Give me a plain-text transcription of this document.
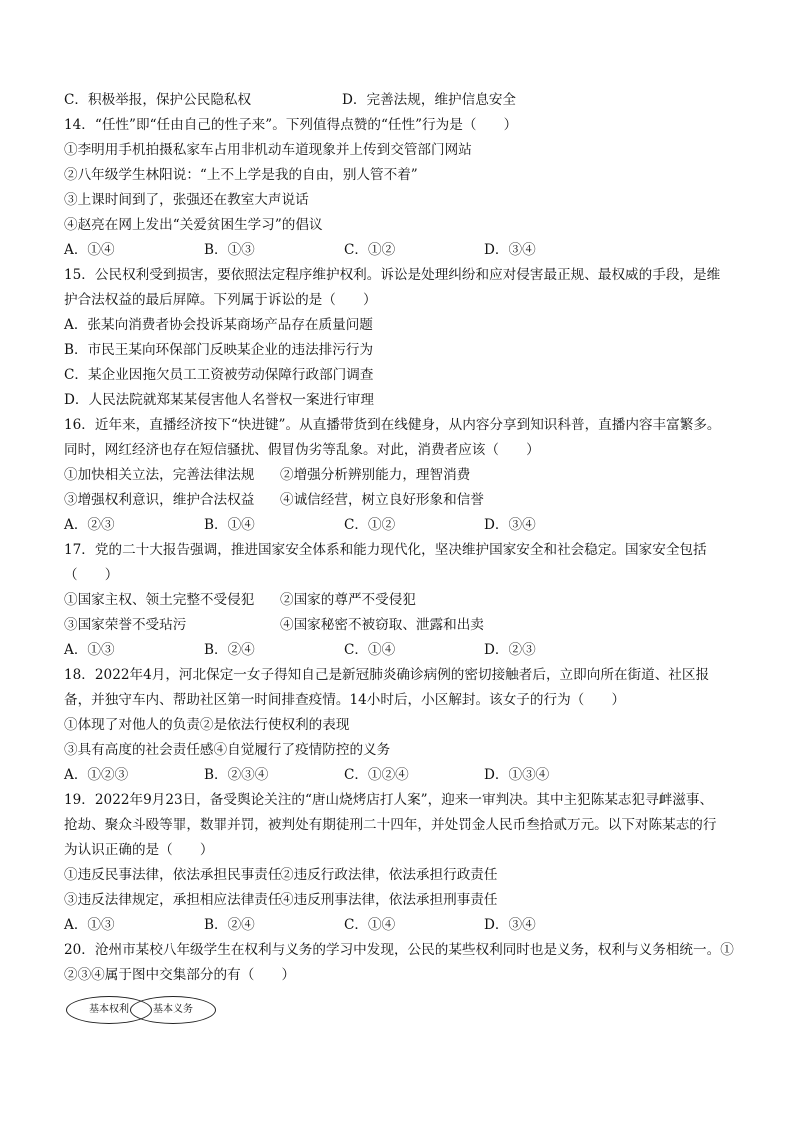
C．积极举报，保护公民隐私权	D．完善法规，维护信息安全
14．“任性”即“任由自己的性子来”。下列值得点赞的“任性”行为是（　　）
①李明用手机拍摄私家车占用非机动车道现象并上传到交管部门网站
②八年级学生林阳说：“上不上学是我的自由，别人管不着”
③上课时间到了，张强还在教室大声说话
④赵亮在网上发出“关爱贫困生学习”的倡议
A．①④	B．①③	C．①②	D．③④
15．公民权利受到损害，要依照法定程序维护权利。诉讼是处理纠纷和应对侵害最正规、最权威的手段，是维
护合法权益的最后屏障。下列属于诉讼的是（　　）
A．张某向消费者协会投诉某商场产品存在质量问题
B．市民王某向环保部门反映某企业的违法排污行为
C．某企业因拖欠员工工资被劳动保障行政部门调查
D．人民法院就郑某某侵害他人名誉权一案进行审理
16．近年来，直播经济按下“快进键”。从直播带货到在线健身，从内容分享到知识科普，直播内容丰富繁多。
同时，网红经济也存在短信骚扰、假冒伪劣等乱象。对此，消费者应该（　　）
①加快相关立法，完善法律法规 ②增强分析辨别能力，理智消费
③增强权利意识，维护合法权益 ④诚信经营，树立良好形象和信誉
A．②③	B．①④	C．①②	D．③④
17．党的二十大报告强调，推进国家安全体系和能力现代化，坚决维护国家安全和社会稳定。国家安全包括
（　　）
①国家主权、领土完整不受侵犯 ②国家的尊严不受侵犯
③国家荣誉不受玷污	④国家秘密不被窃取、泄露和出卖
A．①③	B．②④	C．①④	D．②③
18．2022年4月，河北保定一女子得知自己是新冠肺炎确诊病例的密切接触者后，立即向所在街道、社区报
备，并独守车内、帮助社区第一时间排查疫情。14小时后，小区解封。该女子的行为（　　）
①体现了对他人的负责②是依法行使权利的表现
③具有高度的社会责任感④自觉履行了疫情防控的义务
A．①②③	B．②③④	C．①②④	D．①③④
19．2022年9月23日，备受舆论关注的“唐山烧烤店打人案”，迎来一审判决。其中主犯陈某志犯寻衅滋事、
抢劫、聚众斗殴等罪，数罪并罚，被判处有期徒刑二十四年，并处罚金人民币叁拾贰万元。以下对陈某志的行
为认识正确的是（　　）
①违反民事法律，依法承担民事责任
②违反行政法律，依法承担行政责任
③违反法律规定，承担相应法律责任
④违反刑事法律，依法承担刑事责任
A．①③	B．②④	C．①④	D．③④
20．沧州市某校八年级学生在权利与义务的学习中发现，公民的某些权利同时也是义务，权利与义务相统一。①
②③④属于图中交集部分的有（　　）
基本权利	基本义务
